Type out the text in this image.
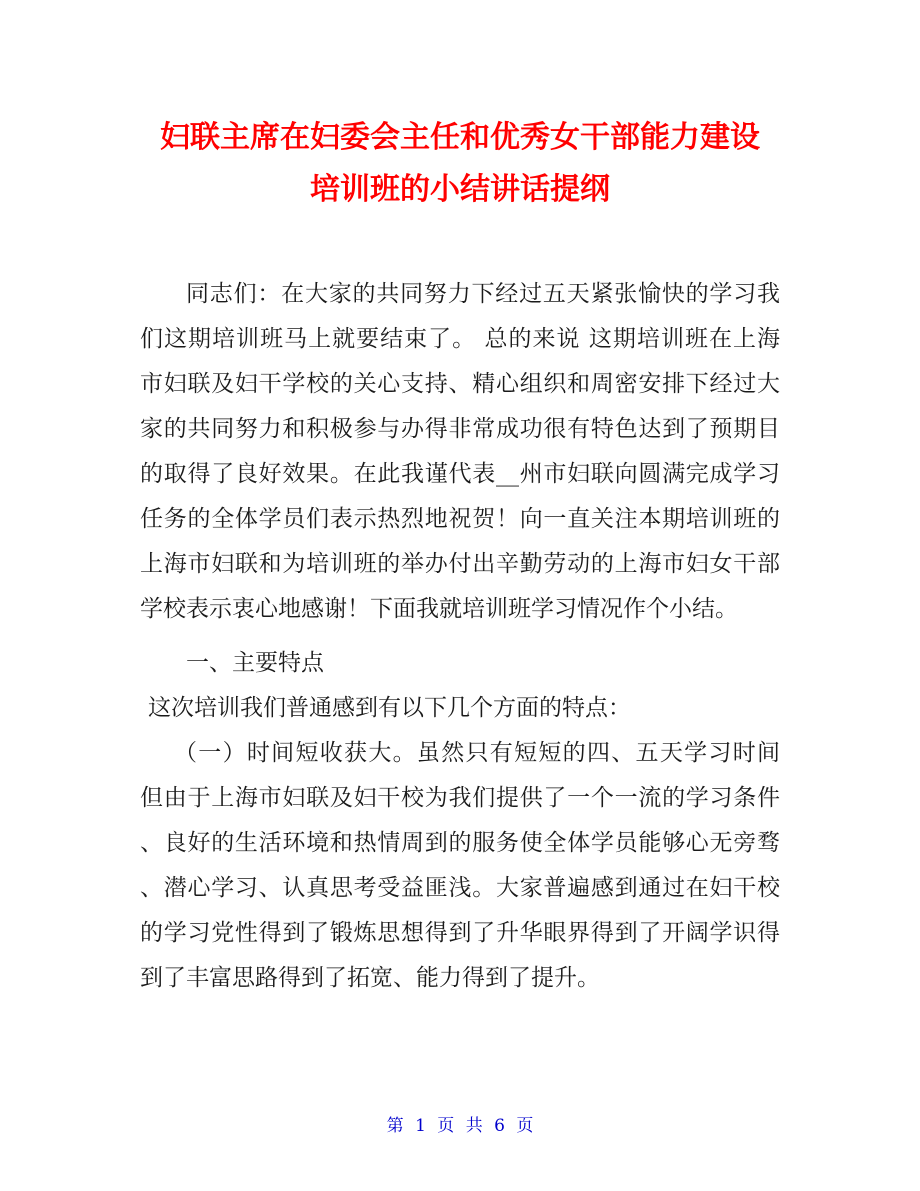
妇联主席在妇委会主任和优秀女干部能力建设
培训班的小结讲话提纲
同志们：在大家的共同努力下经过五天紧张愉快的学习我
们这期培训班马上就要结束了。 总的来说 这期培训班在上海
市妇联及妇干学校的关心支持、精心组织和周密安排下经过大
家的共同努力和积极参与办得非常成功很有特色达到了预期目
的取得了良好效果。在此我谨代表__州市妇联向圆满完成学习
任务的全体学员们表示热烈地祝贺！向一直关注本期培训班的
上海市妇联和为培训班的举办付出辛勤劳动的上海市妇女干部
学校表示衷心地感谢！下面我就培训班学习情况作个小结。
一、主要特点
这次培训我们普通感到有以下几个方面的特点：
（一）时间短收获大。虽然只有短短的四、五天学习时间
但由于上海市妇联及妇干校为我们提供了一个一流的学习条件
、良好的生活环境和热情周到的服务使全体学员能够心无旁骛
、潜心学习、认真思考受益匪浅。大家普遍感到通过在妇干校
的学习党性得到了锻炼思想得到了升华眼界得到了开阔学识得
到了丰富思路得到了拓宽、能力得到了提升。
第 1 页 共 6 页
